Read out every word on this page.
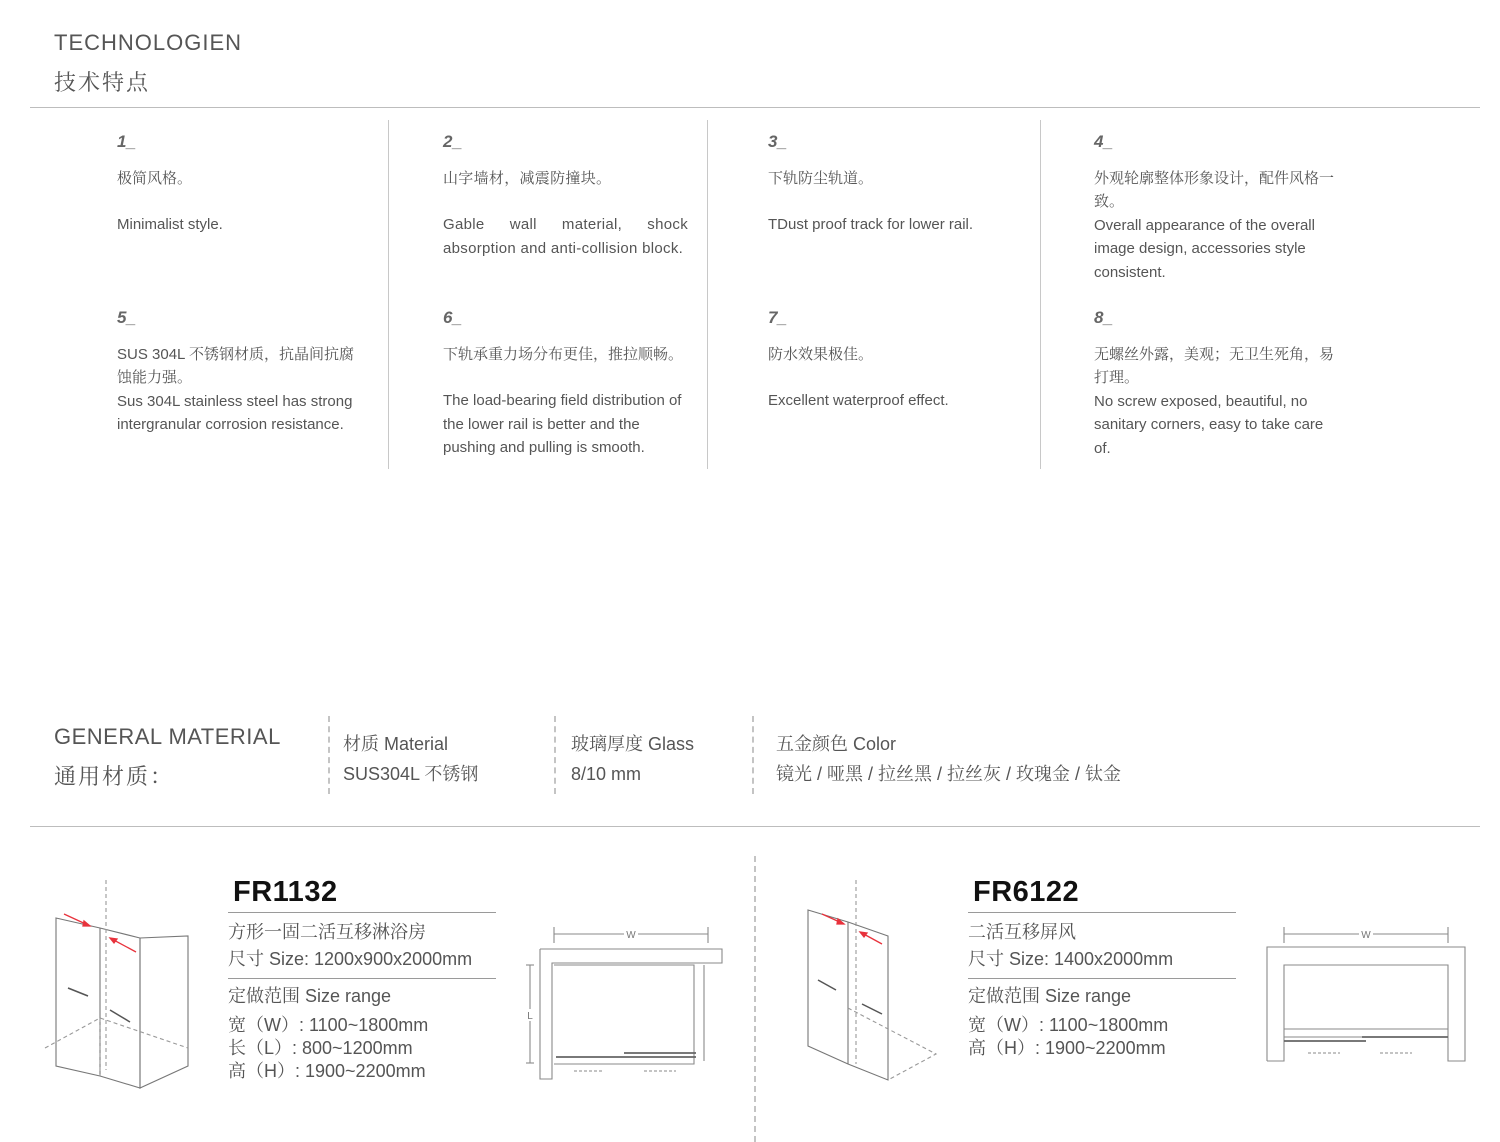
TECHNOLOGIEN
技术特点
1_
极简风格。
Minimalist style.
2_
山字墙材，减震防撞块。
Gable wall material, shock absorption and anti-collision block.
3_
下轨防尘轨道。
TDust proof track for lower rail.
4_
外观轮廓整体形象设计，配件风格一致。
Overall appearance of the overall image design, accessories style consistent.
5_
SUS 304L 不锈钢材质，抗晶间抗腐蚀能力强。
Sus 304L stainless steel has strong intergranular corrosion resistance.
6_
下轨承重力场分布更佳，推拉顺畅。
The load-bearing field distribution of the lower rail is better and the pushing and pulling is smooth.
7_
防水效果极佳。
Excellent waterproof effect.
8_
无螺丝外露，美观；无卫生死角，易打理。
No screw exposed, beautiful, no sanitary corners, easy to take care of.
GENERAL MATERIAL
通用材质：
材质 Material
SUS304L 不锈钢
玻璃厚度 Glass
8/10 mm
五金颜色 Color
镜光 / 哑黑 / 拉丝黑 / 拉丝灰 / 玫瑰金 / 钛金
FR1132
方形一固二活互移淋浴房
尺寸 Size: 1200x900x2000mm
定做范围 Size range
宽（W）: 1100~1800mm
长（L）: 800~1200mm
高（H）: 1900~2200mm
W
L
FR6122
二活互移屏风
尺寸 Size: 1400x2000mm
定做范围 Size range
宽（W）: 1100~1800mm
高（H）: 1900~2200mm
W
